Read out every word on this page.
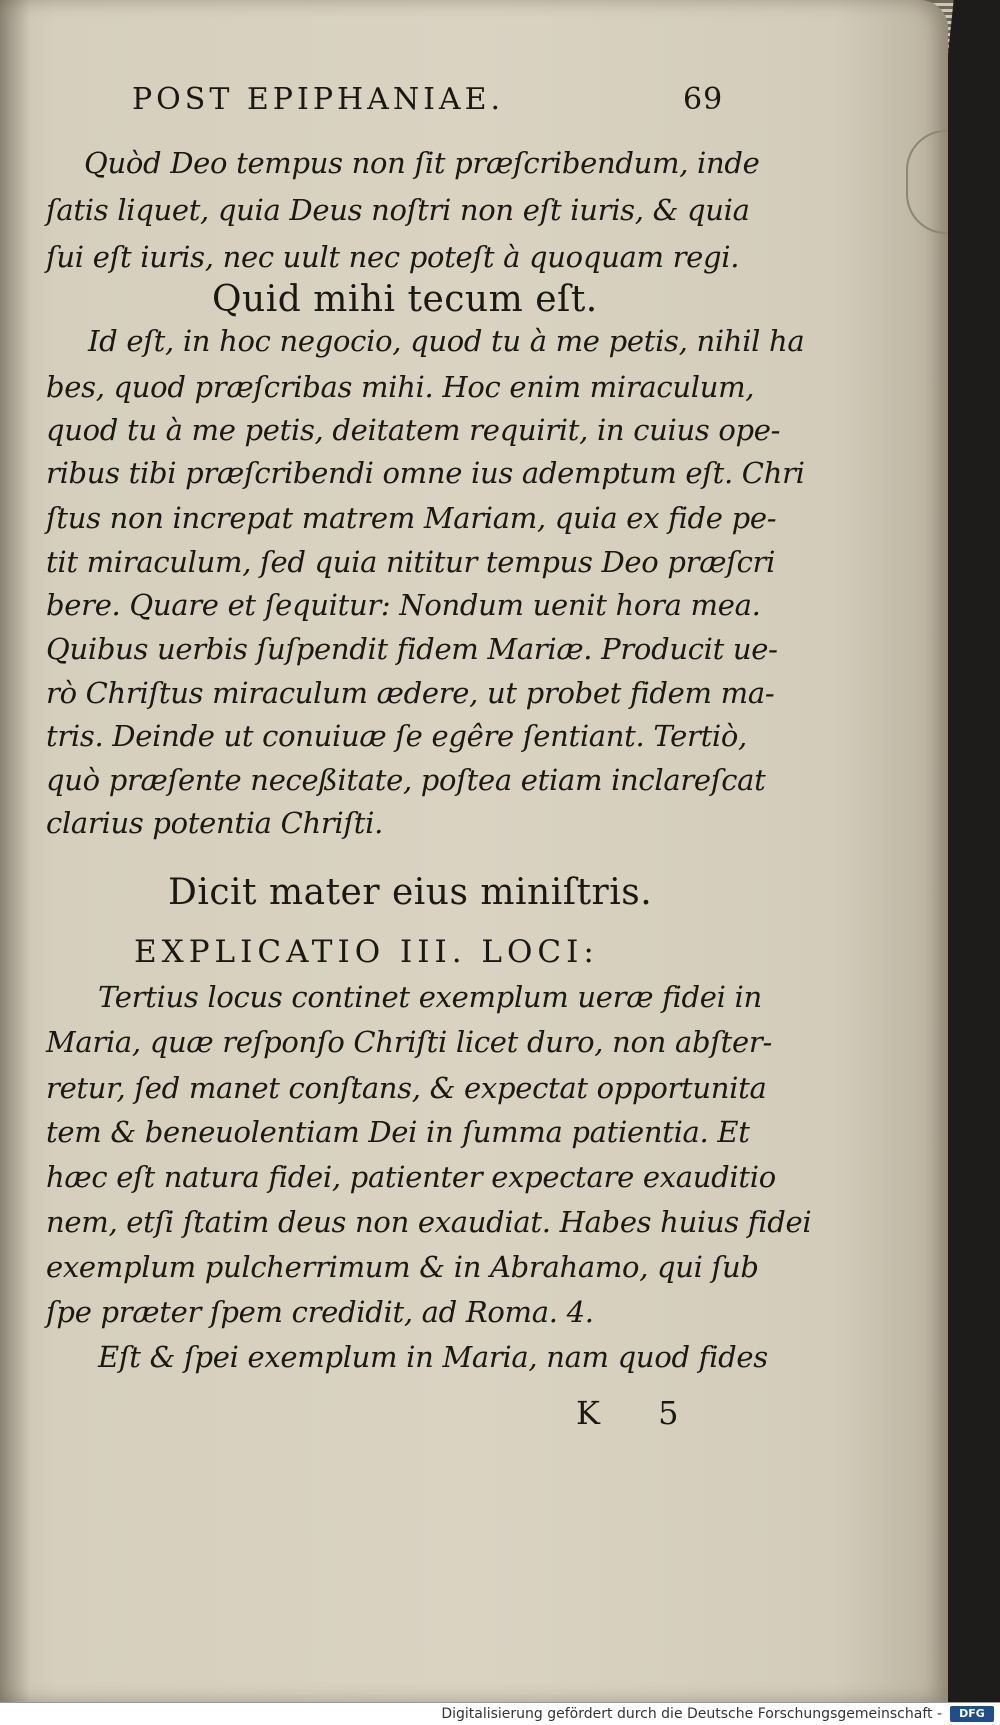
POST EPIPHANIAE.	69
Quòd Deo tempus non ſit præſcribendum, inde
ſatis liquet, quia Deus noſtri non eſt iuris, & quia
ſui eſt iuris, nec uult nec poteſt à quoquam regi.
Quid mihi tecum eſt.
Id eſt, in hoc negocio, quod tu à me petis, nihil ha
bes, quod præſcribas mihi. Hoc enim miraculum,
quod tu à me petis, deitatem requirit, in cuius ope-
ribus tibi præſcribendi omne ius ademptum eſt. Chri
ſtus non increpat matrem Mariam, quia ex fide pe-
tit miraculum, ſed quia nititur tempus Deo præſcri
bere. Quare et ſequitur: Nondum uenit hora mea.
Quibus uerbis ſuſpendit fidem Mariæ. Producit ue-
rò Chriſtus miraculum ædere, ut probet fidem ma-
tris. Deinde ut conuiuæ ſe egêre ſentiant. Tertiò,
quò præſente neceßitate, poſtea etiam inclareſcat
clarius potentia Chriſti.
Dicit mater eius miniſtris.
EXPLICATIO III. LOCI:
Tertius locus continet exemplum ueræ fidei in
Maria, quæ reſponſo Chriſti licet duro, non abſter-
retur, ſed manet conſtans, & expectat opportunita
tem & beneuolentiam Dei in ſumma patientia. Et
hæc eſt natura fidei, patienter expectare exauditio
nem, etſi ſtatim deus non exaudiat. Habes huius fidei
exemplum pulcherrimum & in Abrahamo, qui ſub
ſpe præter ſpem credidit, ad Roma. 4.
Eſt & ſpei exemplum in Maria, nam quod fides
K 5
Digitalisierung gefördert durch die Deutsche Forschungsgemeinschaft -	DFG
